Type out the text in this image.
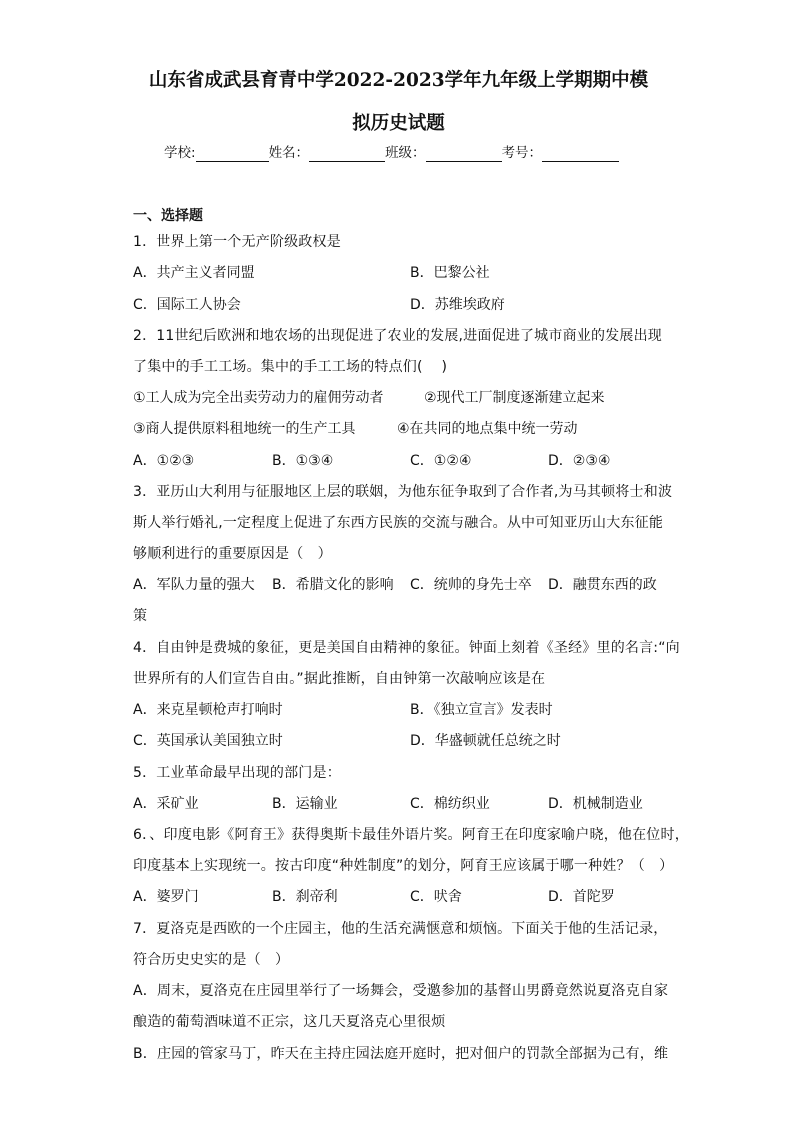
山东省成武县育青中学2022-2023学年九年级上学期期中模
拟历史试题
学校:	姓名：	班级：	考号：
一、选择题
1．世界上第一个无产阶级政权是
A．共产主义者同盟	B．巴黎公社
C．国际工人协会	D．苏维埃政府
2．11世纪后欧洲和地农场的出现促进了农业的发展,进面促进了城市商业的发展出现
了集中的手工工场。集中的手工工场的特点们(　 )
①工人成为完全出卖劳动力的雇佣劳动者	②现代工厂制度逐渐建立起来
③商人提供原料租地统一的生产工具	④在共同的地点集中统一劳动
A．①②③	B．①③④	C．①②④	D．②③④
3．亚历山大利用与征服地区上层的联姻，为他东征争取到了合作者,为马其顿将士和波
斯人举行婚礼,一定程度上促进了东西方民族的交流与融合。从中可知亚历山大东征能
够顺利进行的重要原因是（　）
A．军队力量的强大 B．希腊文化的影响 C．统帅的身先士卒 D．融贯东西的政
策
4．自由钟是费城的象征，更是美国自由精神的象征。钟面上刻着《圣经》里的名言:“向
世界所有的人们宣告自由。”据此推断，自由钟第一次敲响应该是在
A．来克星顿枪声打响时	B．《独立宣言》发表时
C．英国承认美国独立时	D．华盛顿就任总统之时
5．工业革命最早出现的部门是：
A．采矿业	B．运输业	C．棉纺织业	D．机械制造业
6．、印度电影《阿育王》获得奥斯卡最佳外语片奖。阿育王在印度家喻户晓，他在位时，
印度基本上实现统一。按古印度“种姓制度”的划分，阿育王应该属于哪一种姓？（　）
A．婆罗门	B．刹帝利	C．吠舍	D．首陀罗
7．夏洛克是西欧的一个庄园主，他的生活充满惬意和烦恼。下面关于他的生活记录，
符合历史史实的是（　）
A．周末，夏洛克在庄园里举行了一场舞会，受邀参加的基督山男爵竟然说夏洛克自家
酿造的葡萄酒味道不正宗，这几天夏洛克心里很烦
B．庄园的管家马丁，昨天在主持庄园法庭开庭时，把对佃户的罚款全部据为己有，维
